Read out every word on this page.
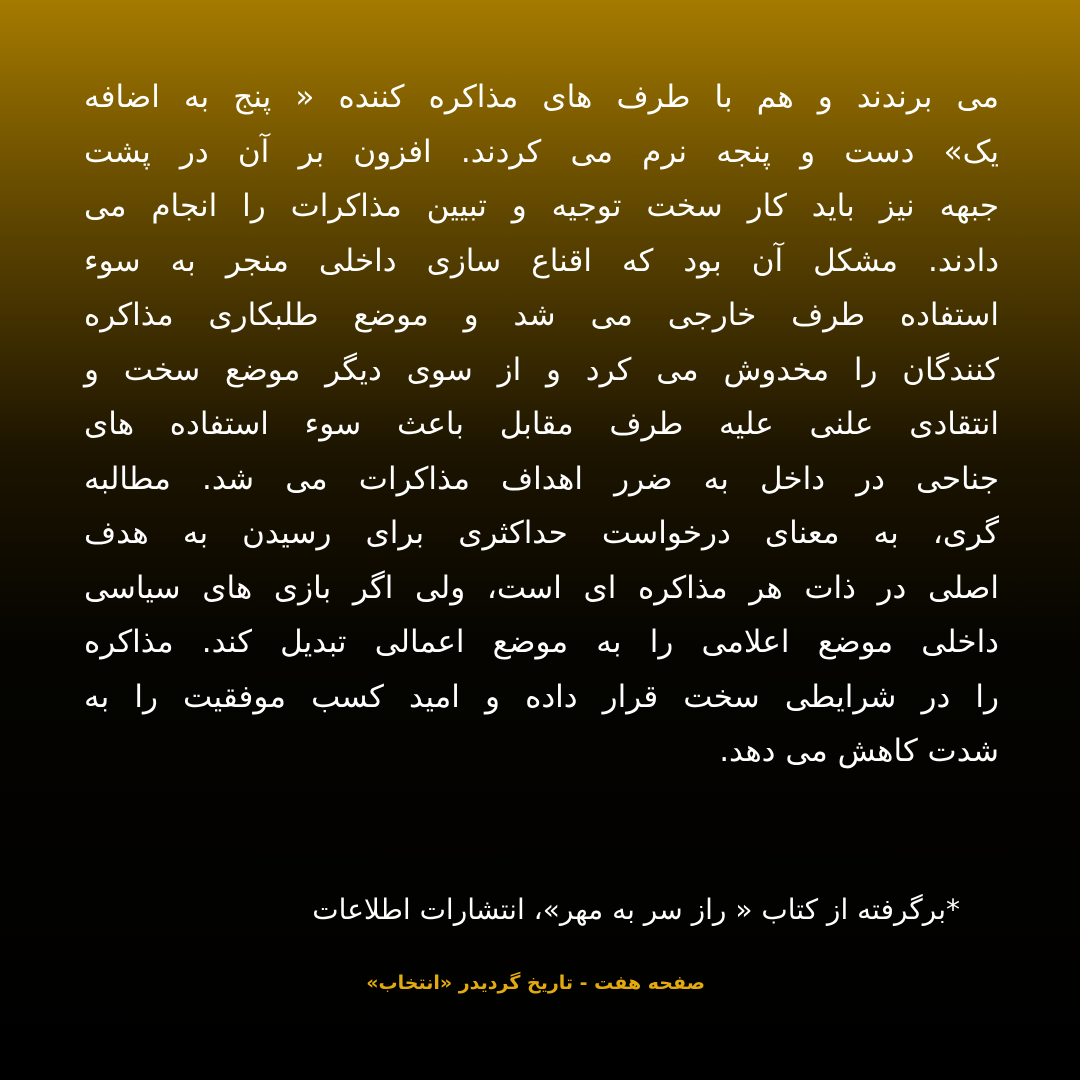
می برندند و هم با طرف های مذاکره کننده « پنج به اضافه
یک» دست و پنجه نرم می کردند. افزون بر آن در پشت
جبهه نیز باید کار سخت توجیه و تبیین مذاکرات را انجام می
دادند. مشکل آن بود که اقناع سازی داخلی منجر به سوء
استفاده طرف خارجی می شد و موضع طلبکاری مذاکره
کنندگان را مخدوش می کرد و از سوی دیگر موضع سخت و
انتقادی علنی علیه طرف مقابل باعث سوء استفاده های
جناحی در داخل به ضرر اهداف مذاکرات می شد. مطالبه
گری، به معنای درخواست حداکثری برای رسیدن به هدف
اصلی در ذات هر مذاکره ای است، ولی اگر بازی های سیاسی
داخلی موضع اعلامی را به موضع اعمالی تبدیل کند. مذاکره
را در شرایطی سخت قرار داده و امید کسب موفقیت را به
شدت کاهش می دهد.
*برگرفته از کتاب « راز سر به مهر»، انتشارات اطلاعات
صفحه هفت - تاریخ گردیدر «انتخاب»
